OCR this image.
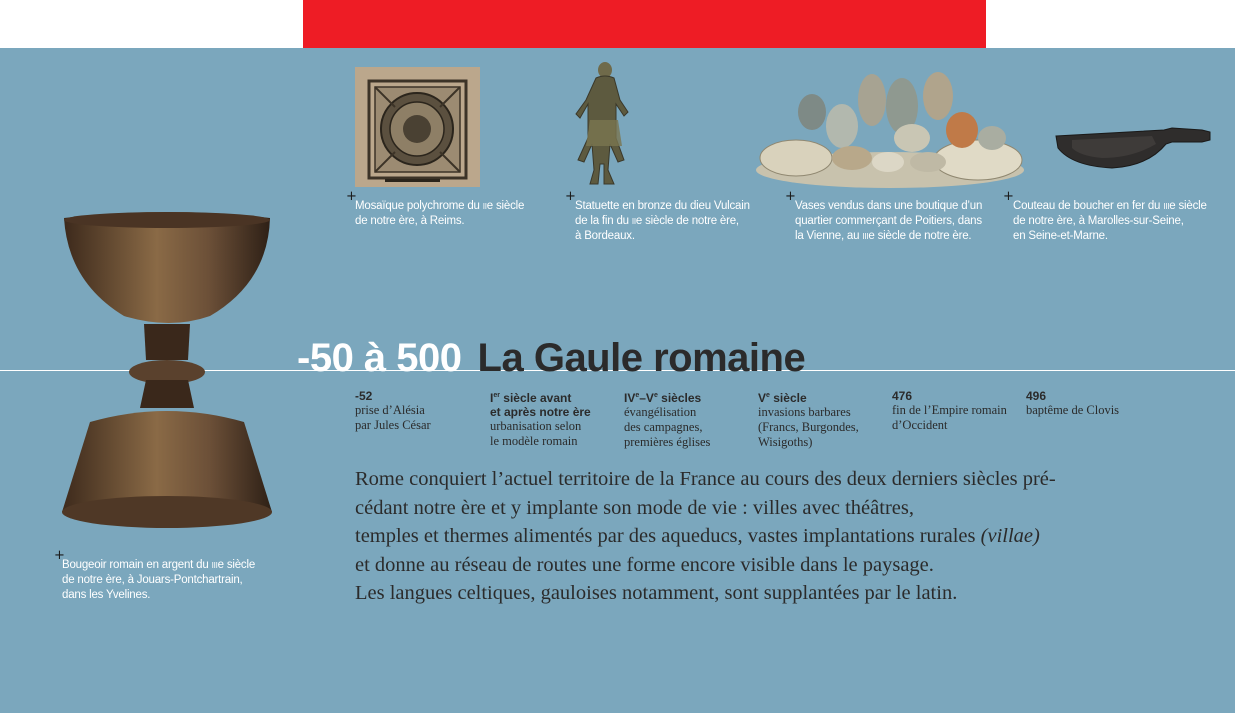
+
Mosaïque polychrome du IIe siècle
de notre ère, à Reims.
+
Statuette en bronze du dieu Vulcain
de la fin du IIe siècle de notre ère,
à Bordeaux.
+
Vases vendus dans une boutique d’un
quartier commerçant de Poitiers, dans
la Vienne, au IIIe siècle de notre ère.
+
Couteau de boucher en fer du IIIe siècle
de notre ère, à Marolles-sur-Seine,
en Seine-et-Marne.
+
Bougeoir romain en argent du IIIe siècle
de notre ère, à Jouars-Pontchartrain,
dans les Yvelines.
-50 à 500 La Gaule romaine
-52
prise d’Alésia
par Jules César
Ier siècle avant
et après notre ère
urbanisation selon
le modèle romain
IVe–Ve siècles
évangélisation
des campagnes,
premières églises
Ve siècle
invasions barbares
(Francs, Burgondes,
Wisigoths)
476
fin de l’Empire romain
d’Occident
496
baptême de Clovis

Rome conquiert l’actuel territoire de la France au cours des deux derniers siècles pré-

cédant notre ère et y implante son mode de vie : villes avec théâtres,

temples et thermes alimentés par des aqueducs, vastes implantations rurales (villae)

et donne au réseau de routes une forme encore visible dans le paysage.

Les langues celtiques, gauloises notamment, sont supplantées par le latin.
